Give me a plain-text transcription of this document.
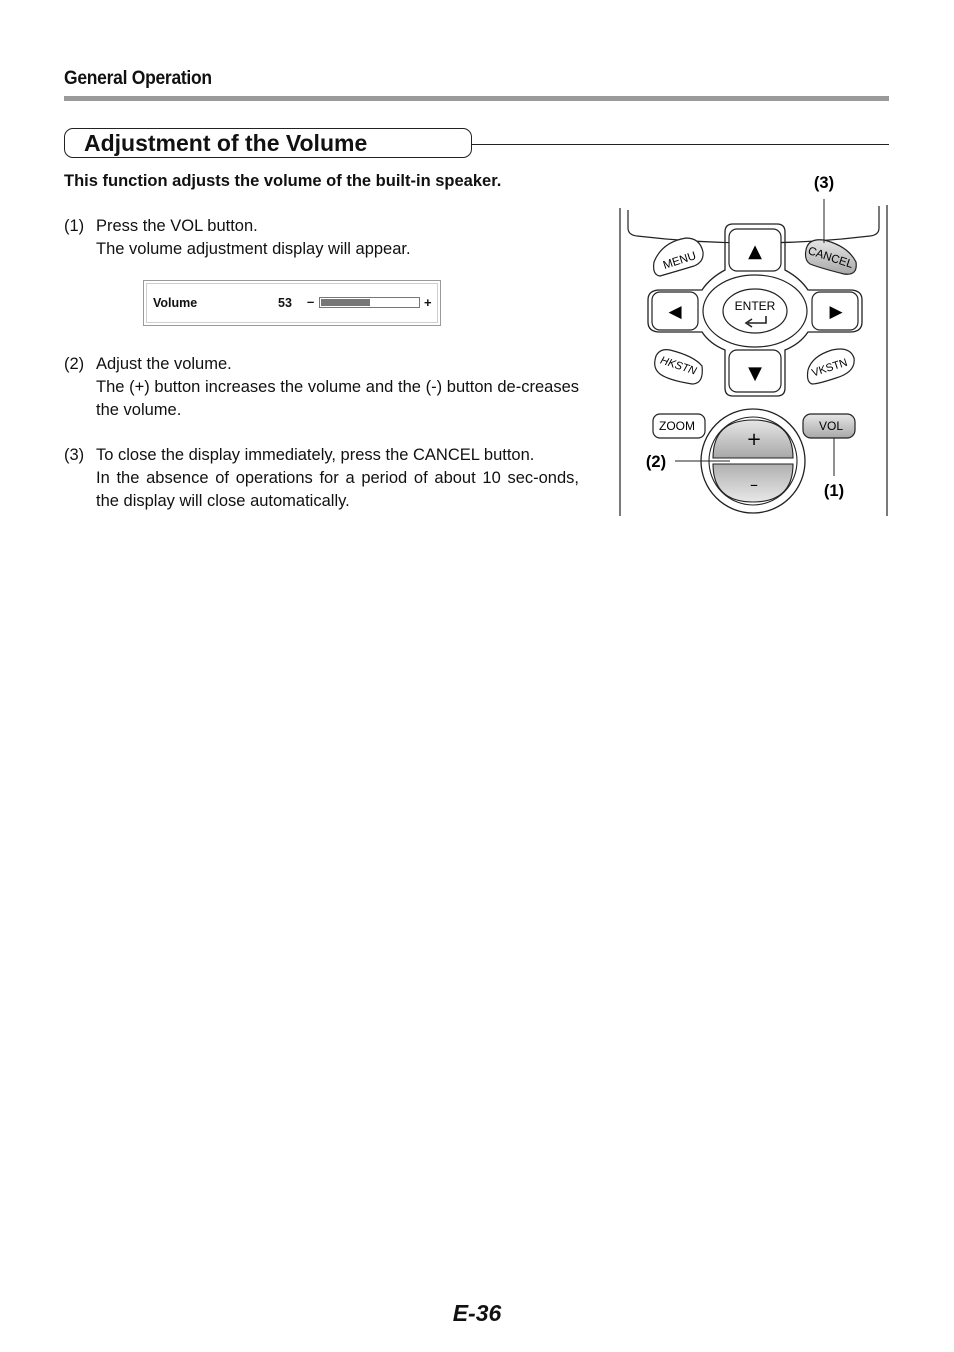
General Operation
Adjustment of the Volume
This function adjusts the volume of the built-in speaker.
(1) Press the VOL button.

The volume adjustment display will appear.

Volume	53 –	+
(2) Adjust the volume.

The (+) button increases the volume and the (-) button de-creases the volume.

(3) To close the display immediately, press the CANCEL button.

In the absence of operations for a period of about 10 sec-onds, the display will close automatically.

MENU	CANCEL
▲
▼
◀	▶
ENTER
HKSTN	VKSTN
ZOOM	VOL
+
–
(3)
(2)
(1)
E-36
